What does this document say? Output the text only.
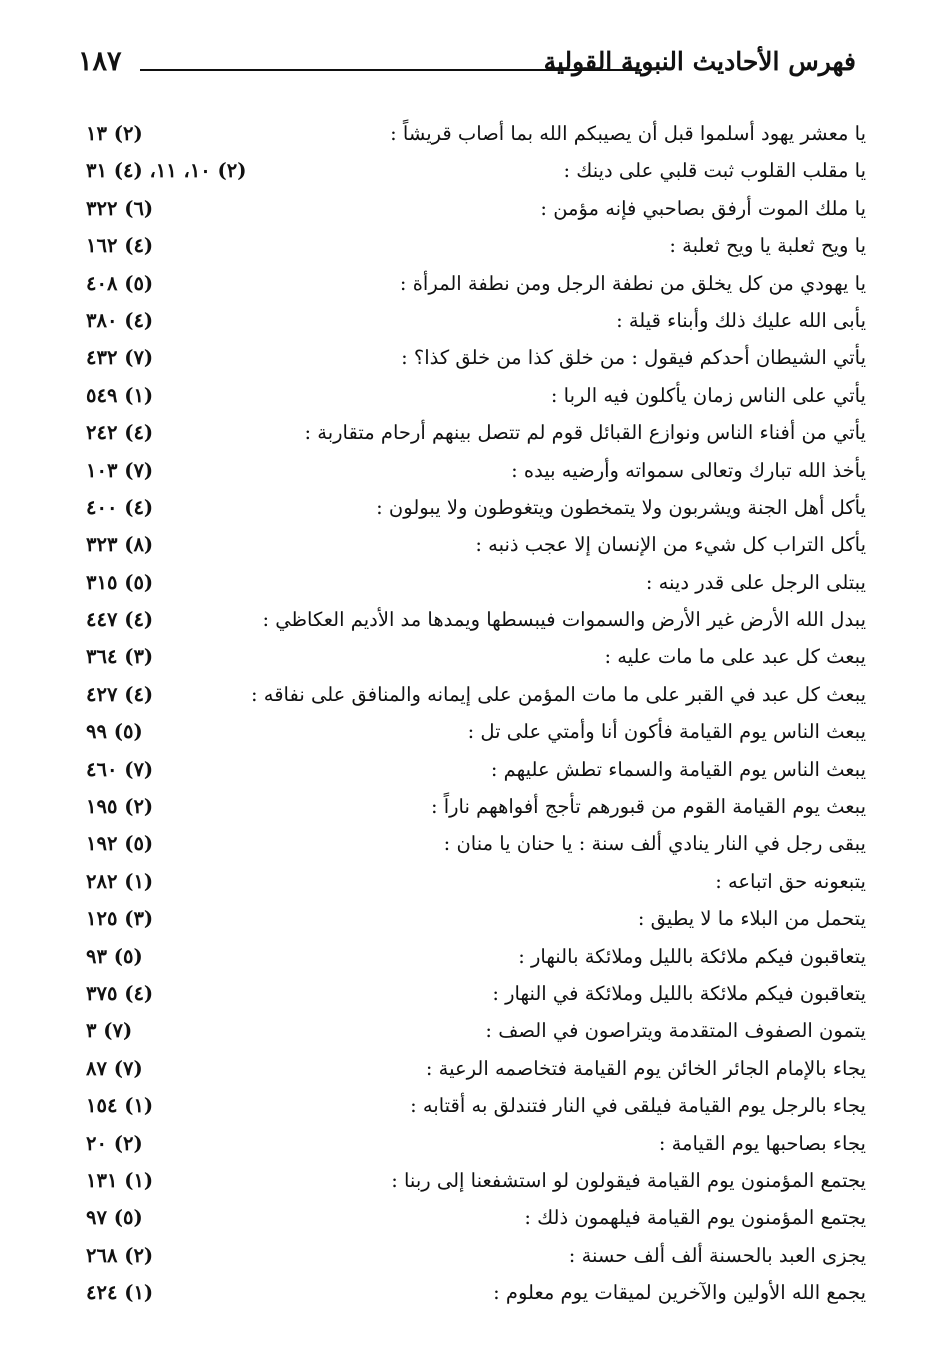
١٨٧	فهرس الأحاديث النبوية القولية
يا معشر يهود أسلموا قبل أن يصيبكم الله بما أصاب قريشاً :
(٢) ١٣
يا مقلب القلوب ثبت قلبي على دينك :
(٢) ١٠، ١١، (٤) ٣١
يا ملك الموت أرفق بصاحبي فإنه مؤمن :
(٦) ٣٢٢
يا ويح ثعلبة يا ويح ثعلبة :
(٤) ١٦٢
يا يهودي من كل يخلق من نطفة الرجل ومن نطفة المرأة :
(٥) ٤٠٨
يأبى الله عليك ذلك وأبناء قيلة :
(٤) ٣٨٠
يأتي الشيطان أحدكم فيقول : من خلق كذا من خلق كذا؟ :
(٧) ٤٣٢
يأتي على الناس زمان يأكلون فيه الربا :
(١) ٥٤٩
يأتي من أفناء الناس ونوازع القبائل قوم لم تتصل بينهم أرحام متقاربة :
(٤) ٢٤٢
يأخذ الله تبارك وتعالى سمواته وأرضيه بيده :
(٧) ١٠٣
يأكل أهل الجنة ويشربون ولا يتمخطون ويتغوطون ولا يبولون :
(٤) ٤٠٠
يأكل التراب كل شيء من الإنسان إلا عجب ذنبه :
(٨) ٣٢٣
يبتلى الرجل على قدر دينه :
(٥) ٣١٥
يبدل الله الأرض غير الأرض والسموات فيبسطها ويمدها مد الأديم العكاظي :
(٤) ٤٤٧
يبعث كل عبد على ما مات عليه :
(٣) ٣٦٤
يبعث كل عبد في القبر على ما مات المؤمن على إيمانه والمنافق على نفاقه :
(٤) ٤٢٧
يبعث الناس يوم القيامة فأكون أنا وأمتي على تل :
(٥) ٩٩
يبعث الناس يوم القيامة والسماء تطش عليهم :
(٧) ٤٦٠
يبعث يوم القيامة القوم من قبورهم تأجج أفواههم ناراً :
(٢) ١٩٥
يبقى رجل في النار ينادي ألف سنة : يا حنان يا منان :
(٥) ١٩٢
يتبعونه حق اتباعه :
(١) ٢٨٢
يتحمل من البلاء ما لا يطيق :
(٣) ١٢٥
يتعاقبون فيكم ملائكة بالليل وملائكة بالنهار :
(٥) ٩٣
يتعاقبون فيكم ملائكة بالليل وملائكة في النهار :
(٤) ٣٧٥
يتمون الصفوف المتقدمة ويتراصون في الصف :
(٧) ٣
يجاء بالإمام الجائر الخائن يوم القيامة فتخاصمه الرعية :
(٧) ٨٧
يجاء بالرجل يوم القيامة فيلقى في النار فتندلق به أقتابه :
(١) ١٥٤
يجاء بصاحبها يوم القيامة :
(٢) ٢٠
يجتمع المؤمنون يوم القيامة فيقولون لو استشفعنا إلى ربنا :
(١) ١٣١
يجتمع المؤمنون يوم القيامة فيلهمون ذلك :
(٥) ٩٧
يجزى العبد بالحسنة ألف ألف حسنة :
(٢) ٢٦٨
يجمع الله الأولين والآخرين لميقات يوم معلوم :
(١) ٤٢٤
